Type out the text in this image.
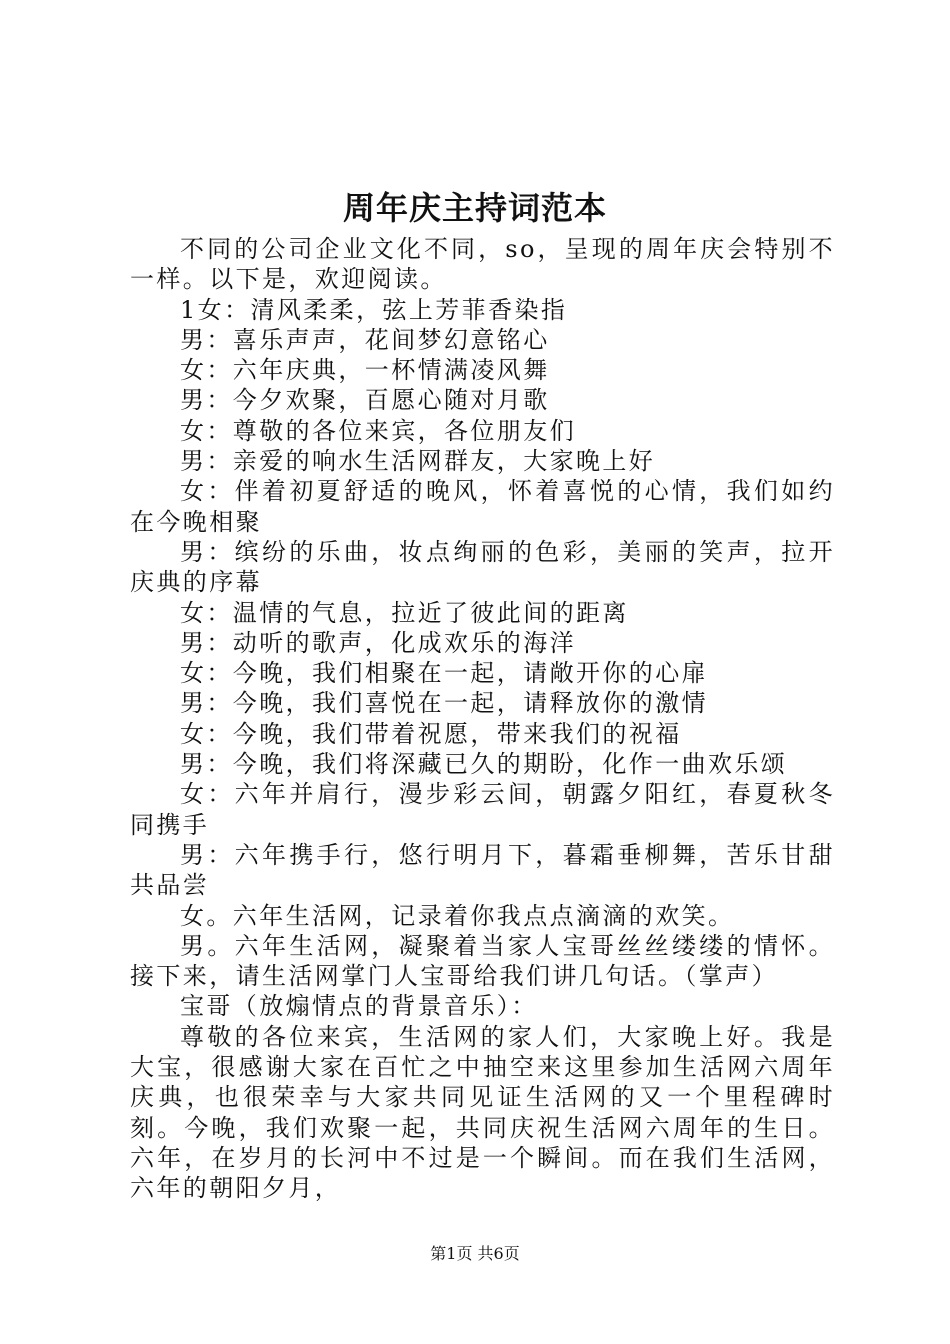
周年庆主持词范本

不同的公司企业文化不同，so，呈现的周年庆会特别不一样。以下是，欢迎阅读。

1女：清风柔柔，弦上芳菲香染指

男：喜乐声声，花间梦幻意铭心

女：六年庆典，一杯情满凌风舞

男：今夕欢聚，百愿心随对月歌

女：尊敬的各位来宾，各位朋友们

男：亲爱的响水生活网群友，大家晚上好

女：伴着初夏舒适的晚风，怀着喜悦的心情，我们如约在今晚相聚

男：缤纷的乐曲，妆点绚丽的色彩，美丽的笑声，拉开庆典的序幕

女：温情的气息，拉近了彼此间的距离

男：动听的歌声，化成欢乐的海洋

女：今晚，我们相聚在一起，请敞开你的心扉

男：今晚，我们喜悦在一起，请释放你的激情

女：今晚，我们带着祝愿，带来我们的祝福

男：今晚，我们将深藏已久的期盼，化作一曲欢乐颂

女：六年并肩行，漫步彩云间，朝露夕阳红，春夏秋冬同携手

男：六年携手行，悠行明月下，暮霜垂柳舞，苦乐甘甜共品尝

女。六年生活网，记录着你我点点滴滴的欢笑。

男。六年生活网，凝聚着当家人宝哥丝丝缕缕的情怀。接下来，请生活网掌门人宝哥给我们讲几句话。（掌声）

宝哥（放煽情点的背景音乐）：

尊敬的各位来宾，生活网的家人们，大家晚上好。我是大宝，很感谢大家在百忙之中抽空来这里参加生活网六周年庆典，也很荣幸与大家共同见证生活网的又一个里程碑时刻。今晚，我们欢聚一起，共同庆祝生活网六周年的生日。六年，在岁月的长河中不过是一个瞬间。而在我们生活网，六年的朝阳夕月，

第1页 共6页
